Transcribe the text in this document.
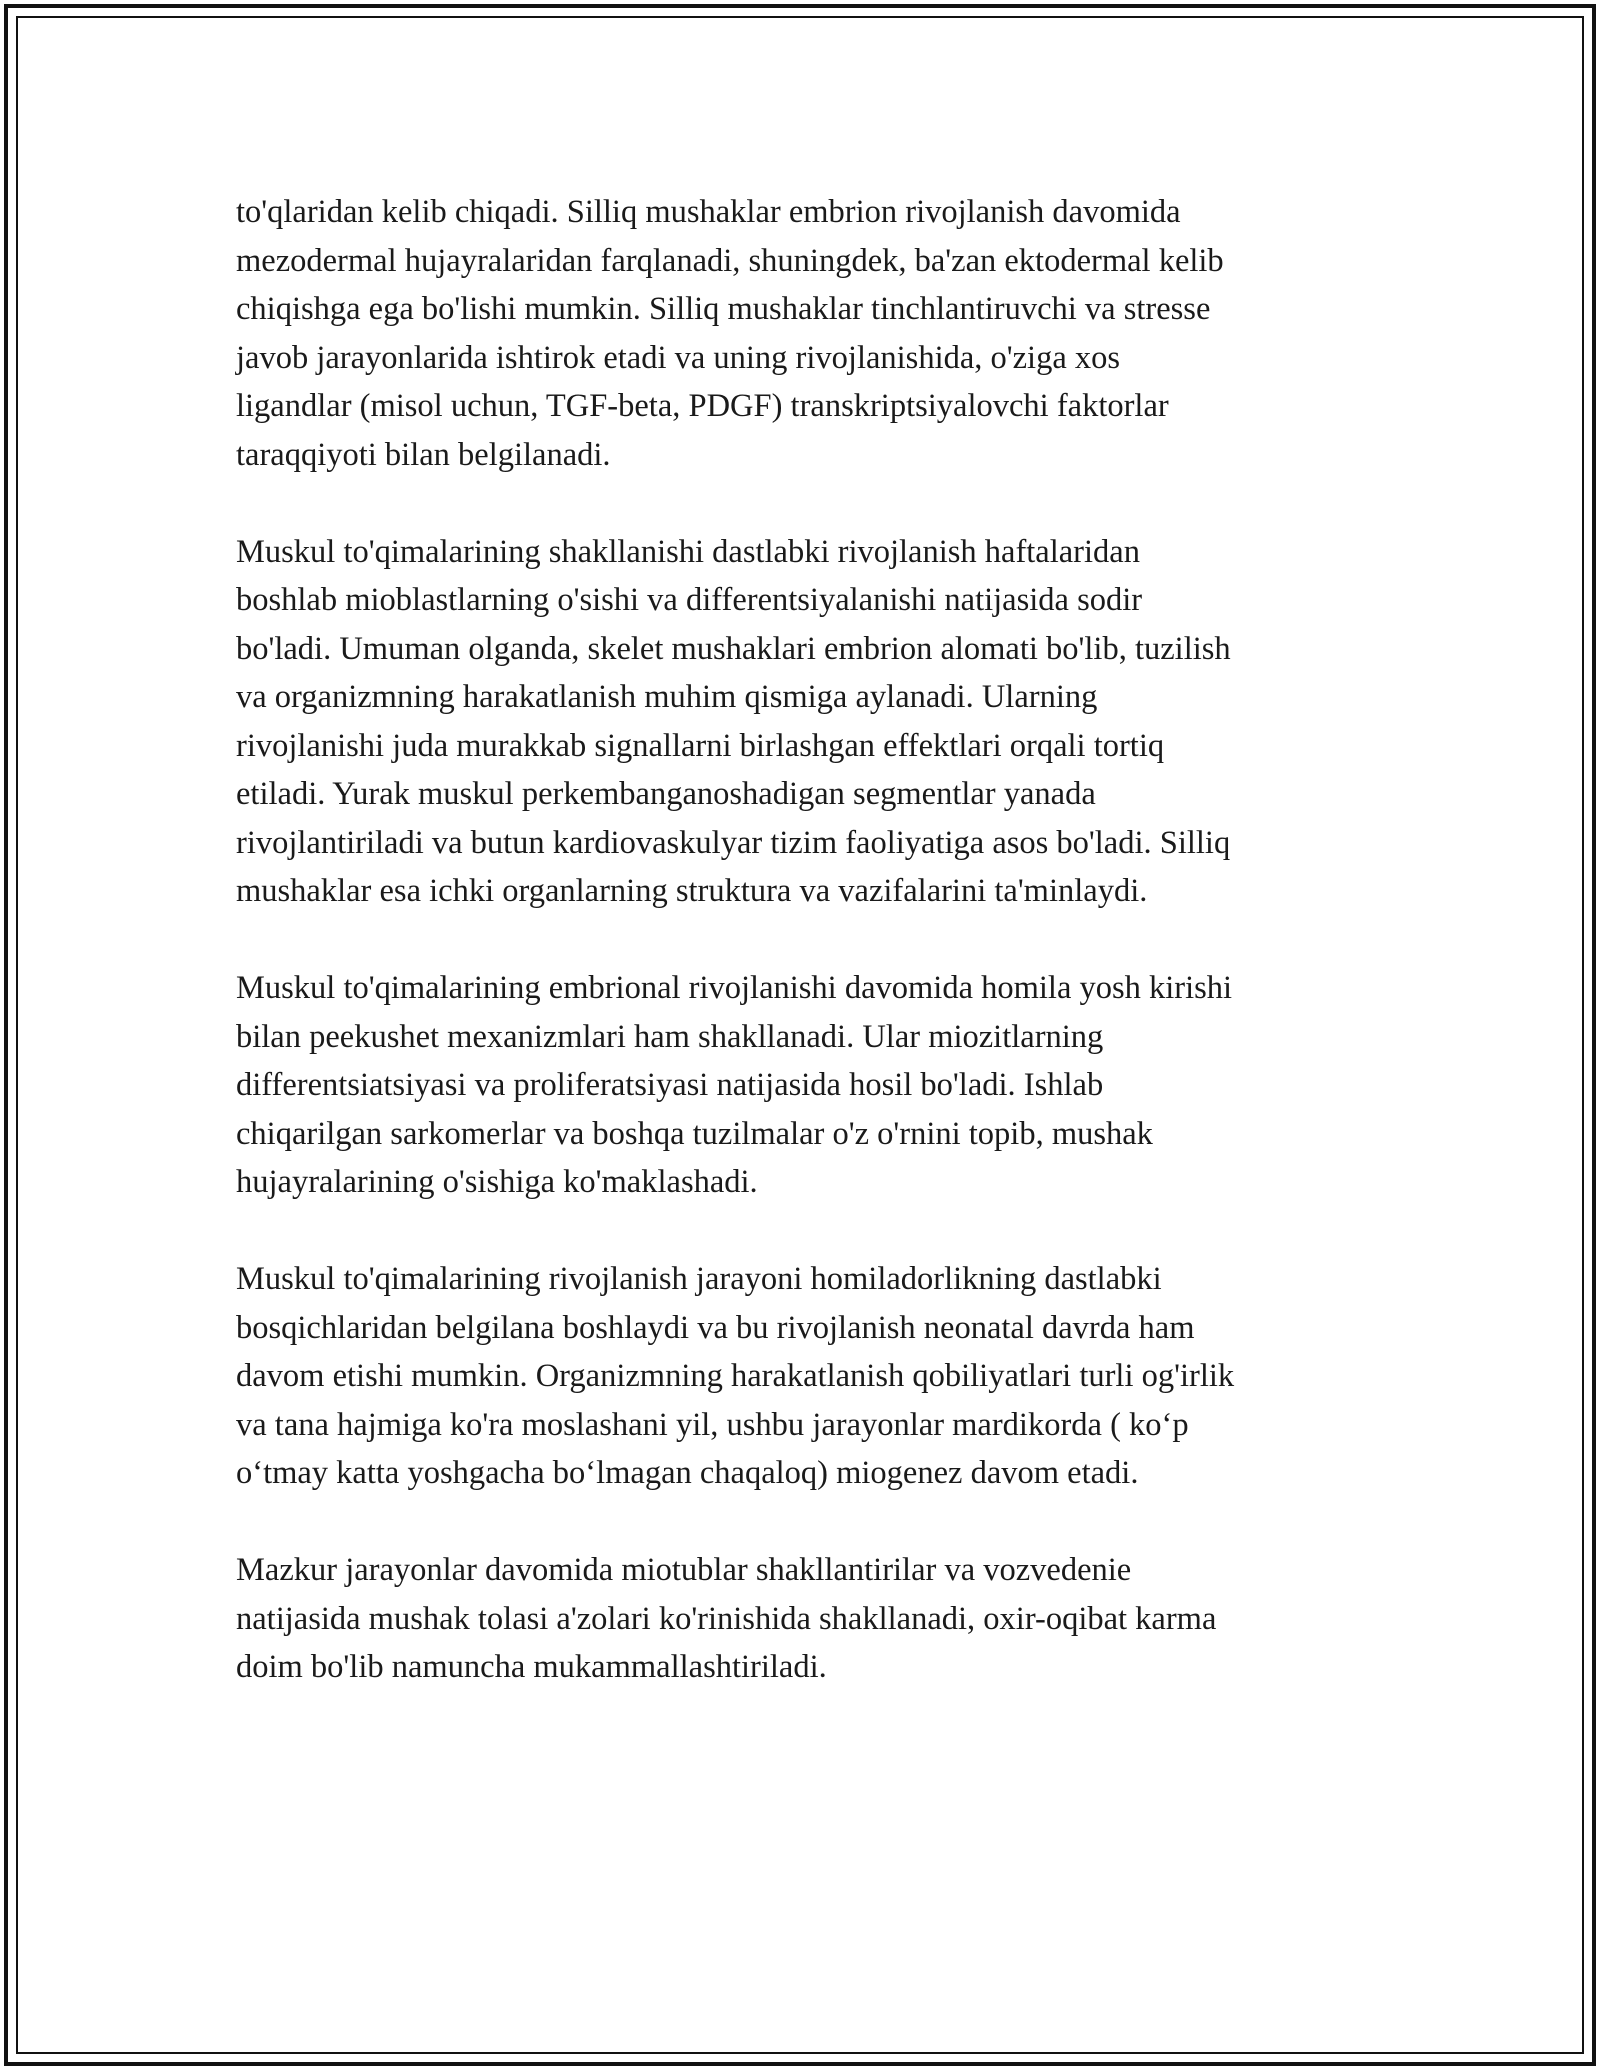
to'qlaridan kelib chiqadi. Silliq mushaklar embrion rivojlanish davomida
mezodermal hujayralaridan farqlanadi, shuningdek, ba'zan ektodermal kelib
chiqishga ega bo'lishi mumkin. Silliq mushaklar tinchlantiruvchi va stresse
javob jarayonlarida ishtirok etadi va uning rivojlanishida, o'ziga xos
ligandlar (misol uchun, TGF-beta, PDGF) transkriptsiyalovchi faktorlar
taraqqiyoti bilan belgilanadi.

Muskul to'qimalarining shakllanishi dastlabki rivojlanish haftalaridan
boshlab mioblastlarning o'sishi va differentsiyalanishi natijasida sodir
bo'ladi. Umuman olganda, skelet mushaklari embrion alomati bo'lib, tuzilish
va organizmning harakatlanish muhim qismiga aylanadi. Ularning
rivojlanishi juda murakkab signallarni birlashgan effektlari orqali tortiq
etiladi. Yurak muskul perkembanganoshadigan segmentlar yanada
rivojlantiriladi va butun kardiovaskulyar tizim faoliyatiga asos bo'ladi. Silliq
mushaklar esa ichki organlarning struktura va vazifalarini ta'minlaydi.

Muskul to'qimalarining embrional rivojlanishi davomida homila yosh kirishi
bilan peekushet mexanizmlari ham shakllanadi. Ular miozitlarning
differentsiatsiyasi va proliferatsiyasi natijasida hosil bo'ladi. Ishlab
chiqarilgan sarkomerlar va boshqa tuzilmalar o'z o'rnini topib, mushak
hujayralarining o'sishiga ko'maklashadi.

Muskul to'qimalarining rivojlanish jarayoni homiladorlikning dastlabki
bosqichlaridan belgilana boshlaydi va bu rivojlanish neonatal davrda ham
davom etishi mumkin. Organizmning harakatlanish qobiliyatlari turli og'irlik
va tana hajmiga ko'ra moslashani yil, ushbu jarayonlar mardikorda ( koʻp
oʻtmay katta yoshgacha boʻlmagan chaqaloq) miogenez davom etadi.

Mazkur jarayonlar davomida miotublar shakllantirilar va vozvedenie
natijasida mushak tolasi a'zolari ko'rinishida shakllanadi, oxir-oqibat karma
doim bo'lib namuncha mukammallashtiriladi.
